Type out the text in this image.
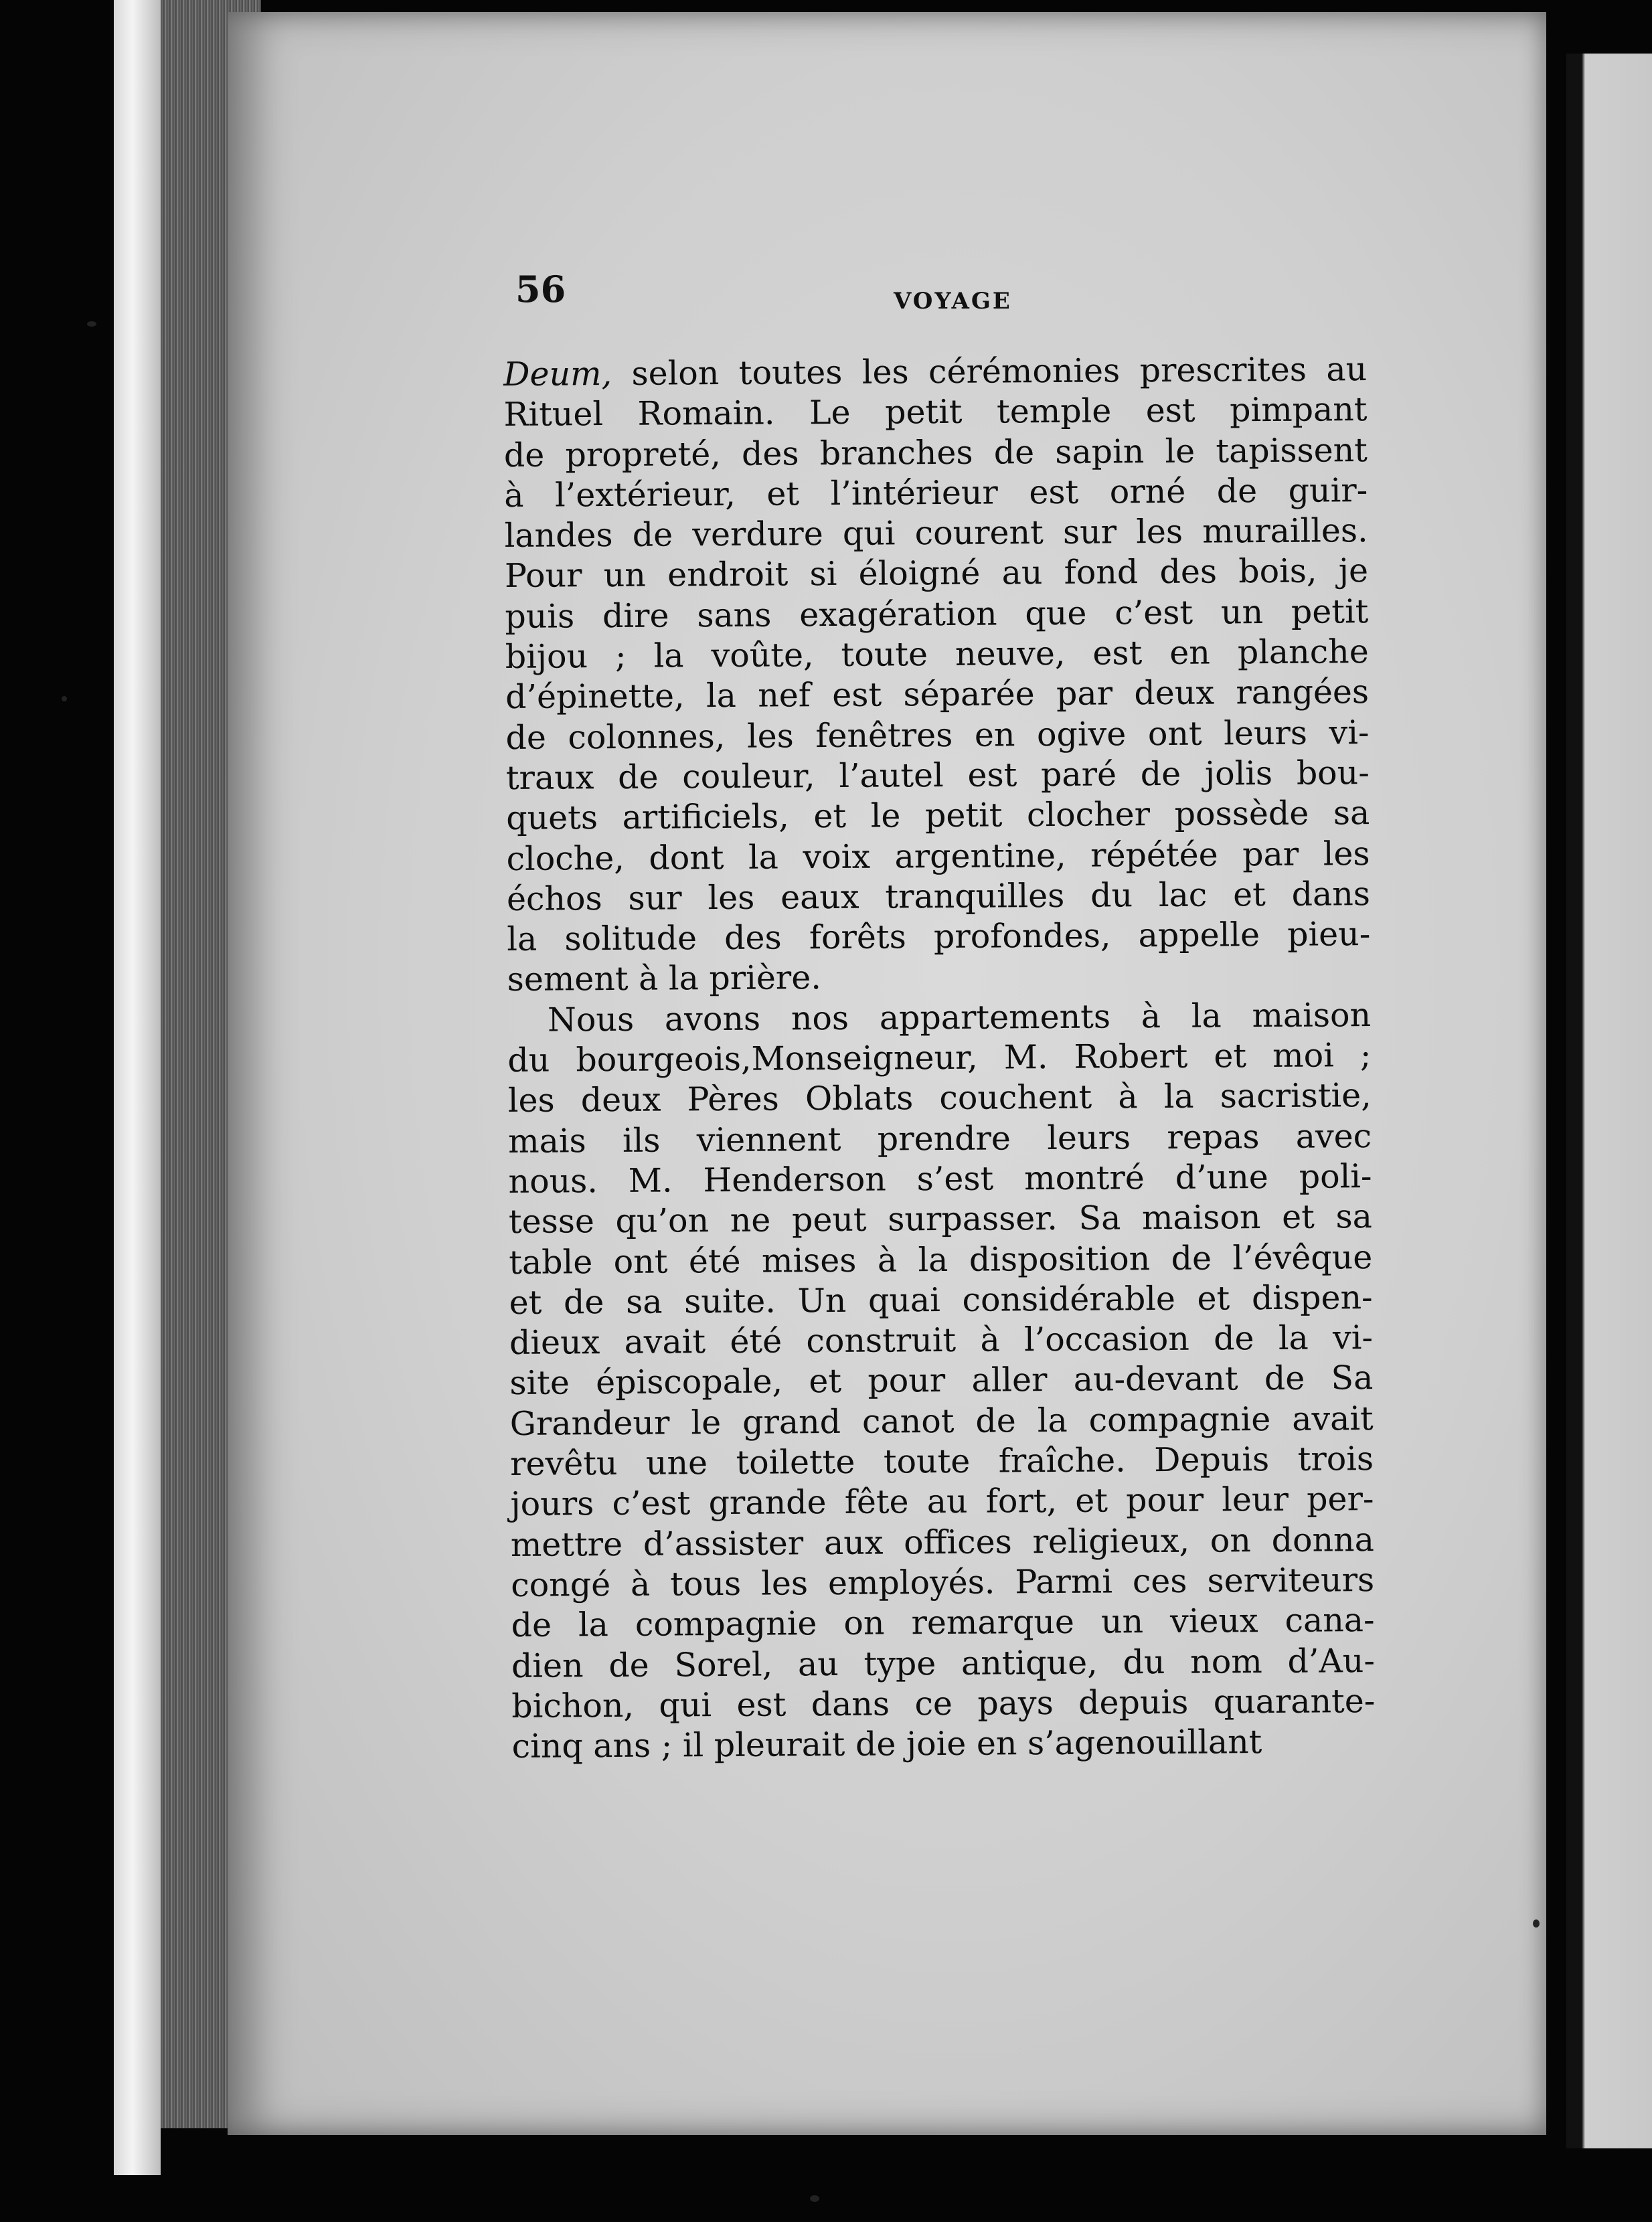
56	VOYAGE
Deum, selon toutes les cérémonies prescrites au
Rituel Romain. Le petit temple est pimpant
de propreté, des branches de sapin le tapissent
à l’extérieur, et l’intérieur est orné de guir-
landes de verdure qui courent sur les murailles.
Pour un endroit si éloigné au fond des bois, je
puis dire sans exagération que c’est un petit
bijou ; la voûte, toute neuve, est en planche
d’épinette, la nef est séparée par deux rangées
de colonnes, les fenêtres en ogive ont leurs vi-
traux de couleur, l’autel est paré de jolis bou-
quets artificiels, et le petit clocher possède sa
cloche, dont la voix argentine, répétée par les
échos sur les eaux tranquilles du lac et dans
la solitude des forêts profondes, appelle pieu-
sement à la prière.
Nous avons nos appartements à la maison
du bourgeois,Monseigneur, M. Robert et moi ;
les deux Pères Oblats couchent à la sacristie,
mais ils viennent prendre leurs repas avec
nous. M. Henderson s’est montré d’une poli-
tesse qu’on ne peut surpasser. Sa maison et sa
table ont été mises à la disposition de l’évêque
et de sa suite. Un quai considérable et dispen-
dieux avait été construit à l’occasion de la vi-
site épiscopale, et pour aller au-devant de Sa
Grandeur le grand canot de la compagnie avait
revêtu une toilette toute fraîche. Depuis trois
jours c’est grande fête au fort, et pour leur per-
mettre d’assister aux offices religieux, on donna
congé à tous les employés. Parmi ces serviteurs
de la compagnie on remarque un vieux cana-
dien de Sorel, au type antique, du nom d’Au-
bichon, qui est dans ce pays depuis quarante-
cinq ans ; il pleurait de joie en s’agenouillant
